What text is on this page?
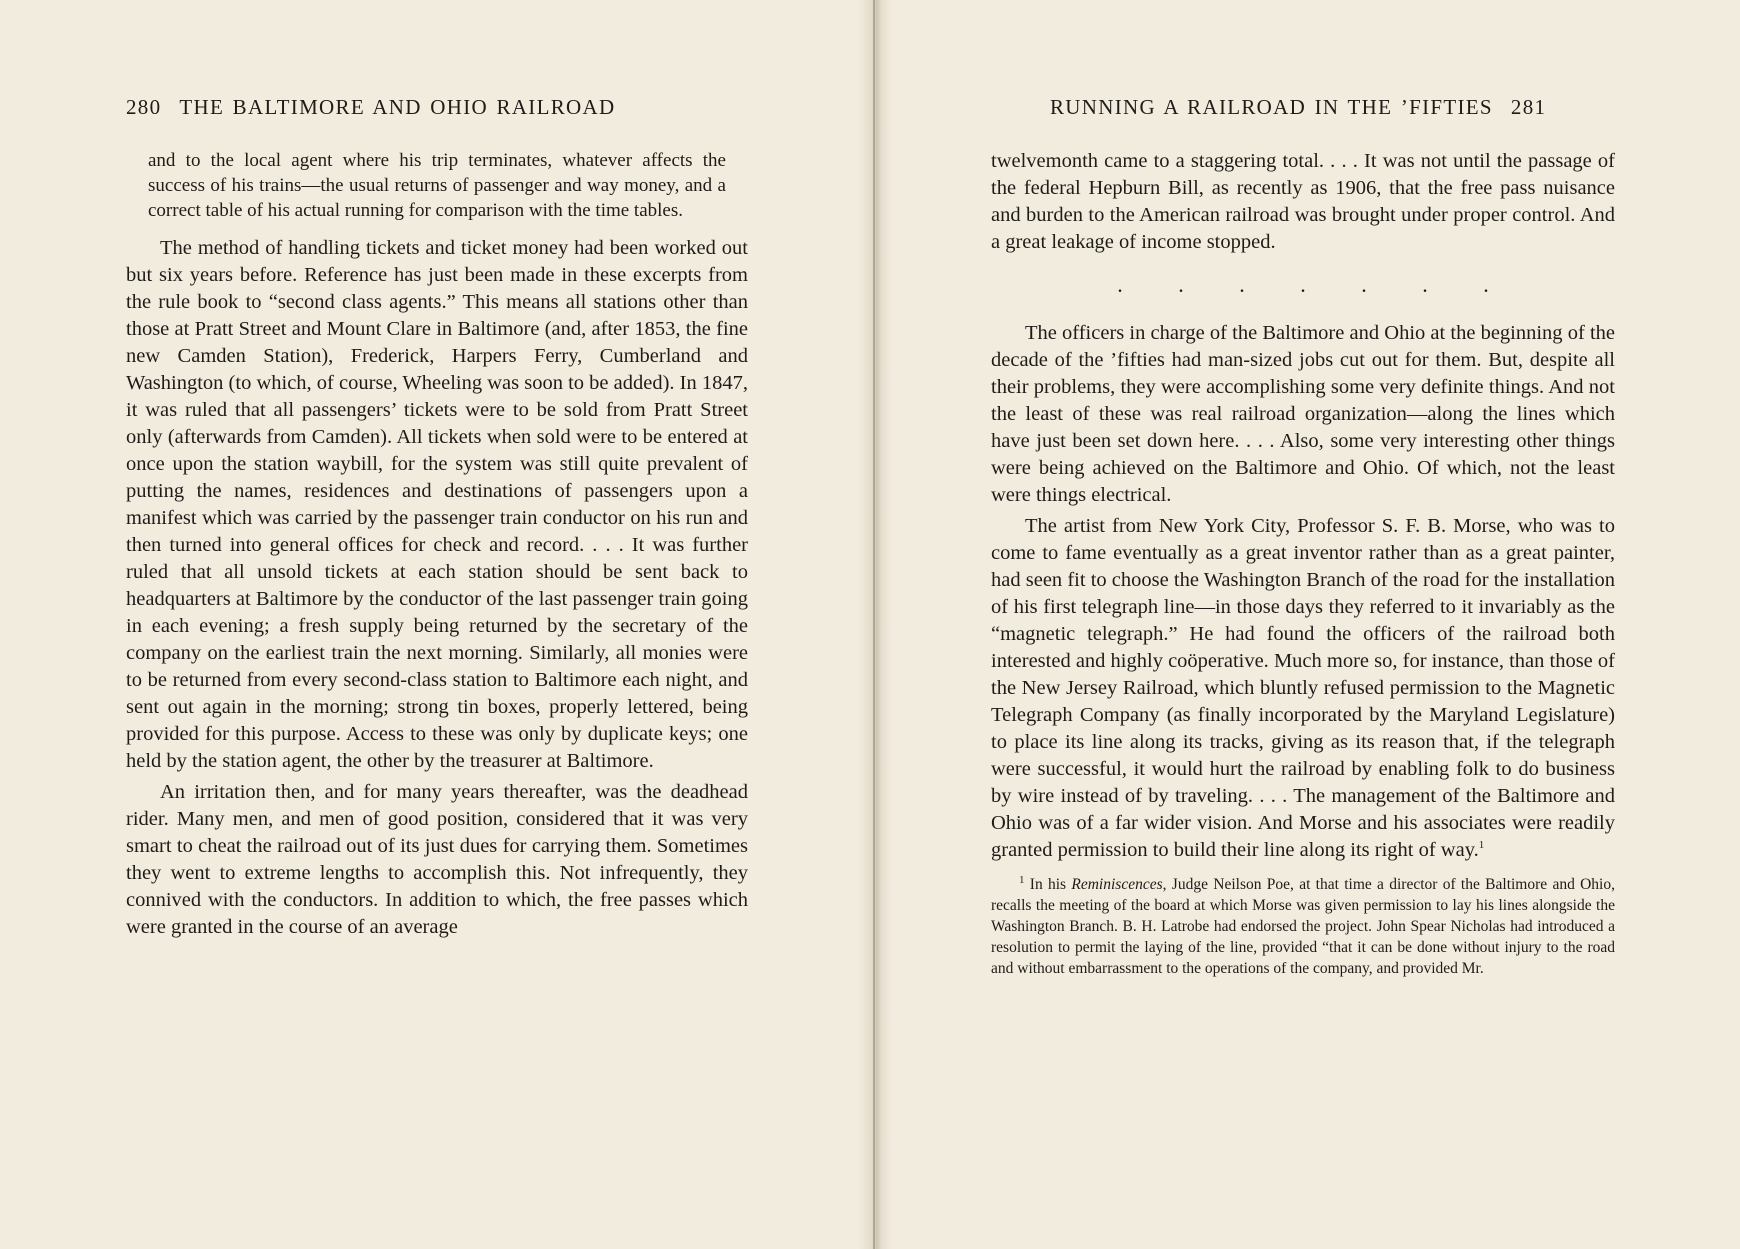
280 THE BALTIMORE AND OHIO RAILROAD

and to the local agent where his trip terminates, whatever affects the success of his trains—the usual returns of passenger and way money, and a correct table of his actual running for comparison with the time tables.

The method of handling tickets and ticket money had been worked out but six years before. Reference has just been made in these excerpts from the rule book to “second class agents.” This means all stations other than those at Pratt Street and Mount Clare in Baltimore (and, after 1853, the fine new Camden Station), Frederick, Harpers Ferry, Cumberland and Washington (to which, of course, Wheeling was soon to be added). In 1847, it was ruled that all passengers’ tickets were to be sold from Pratt Street only (afterwards from Camden). All tickets when sold were to be entered at once upon the station waybill, for the system was still quite prevalent of putting the names, residences and destinations of passengers upon a manifest which was carried by the passenger train conductor on his run and then turned into general offices for check and record. . . . It was further ruled that all unsold tickets at each station should be sent back to headquarters at Baltimore by the conductor of the last passenger train going in each evening; a fresh supply being returned by the secretary of the company on the earliest train the next morning. Similarly, all monies were to be returned from every second-class station to Baltimore each night, and sent out again in the morning; strong tin boxes, properly lettered, being provided for this purpose. Access to these was only by duplicate keys; one held by the station agent, the other by the treasurer at Baltimore.

An irritation then, and for many years thereafter, was the deadhead rider. Many men, and men of good position, considered that it was very smart to cheat the railroad out of its just dues for carrying them. Sometimes they went to extreme lengths to accomplish this. Not infrequently, they connived with the conductors. In addition to which, the free passes which were granted in the course of an average

RUNNING A RAILROAD IN THE ’FIFTIES 281

twelvemonth came to a staggering total. . . . It was not until the passage of the federal Hepburn Bill, as recently as 1906, that the free pass nuisance and burden to the American railroad was brought under proper control. And a great leakage of income stopped.

. . . . . . .

The officers in charge of the Baltimore and Ohio at the beginning of the decade of the ’fifties had man-sized jobs cut out for them. But, despite all their problems, they were accomplishing some very definite things. And not the least of these was real railroad organization—along the lines which have just been set down here. . . . Also, some very interesting other things were being achieved on the Baltimore and Ohio. Of which, not the least were things electrical.

The artist from New York City, Professor S. F. B. Morse, who was to come to fame eventually as a great inventor rather than as a great painter, had seen fit to choose the Washington Branch of the road for the installation of his first telegraph line—in those days they referred to it invariably as the “magnetic telegraph.” He had found the officers of the railroad both interested and highly coöperative. Much more so, for instance, than those of the New Jersey Railroad, which bluntly refused permission to the Magnetic Telegraph Company (as finally incorporated by the Maryland Legislature) to place its line along its tracks, giving as its reason that, if the telegraph were successful, it would hurt the railroad by enabling folk to do business by wire instead of by traveling. . . . The management of the Baltimore and Ohio was of a far wider vision. And Morse and his associates were readily granted permission to build their line along its right of way.$^1$

$^1$ In his Reminiscences, Judge Neilson Poe, at that time a director of the Baltimore and Ohio, recalls the meeting of the board at which Morse was given permission to lay his lines alongside the Washington Branch. B. H. Latrobe had endorsed the project. John Spear Nicholas had introduced a resolution to permit the laying of the line, provided “that it can be done without injury to the road and without embarrassment to the operations of the company, and provided Mr.
